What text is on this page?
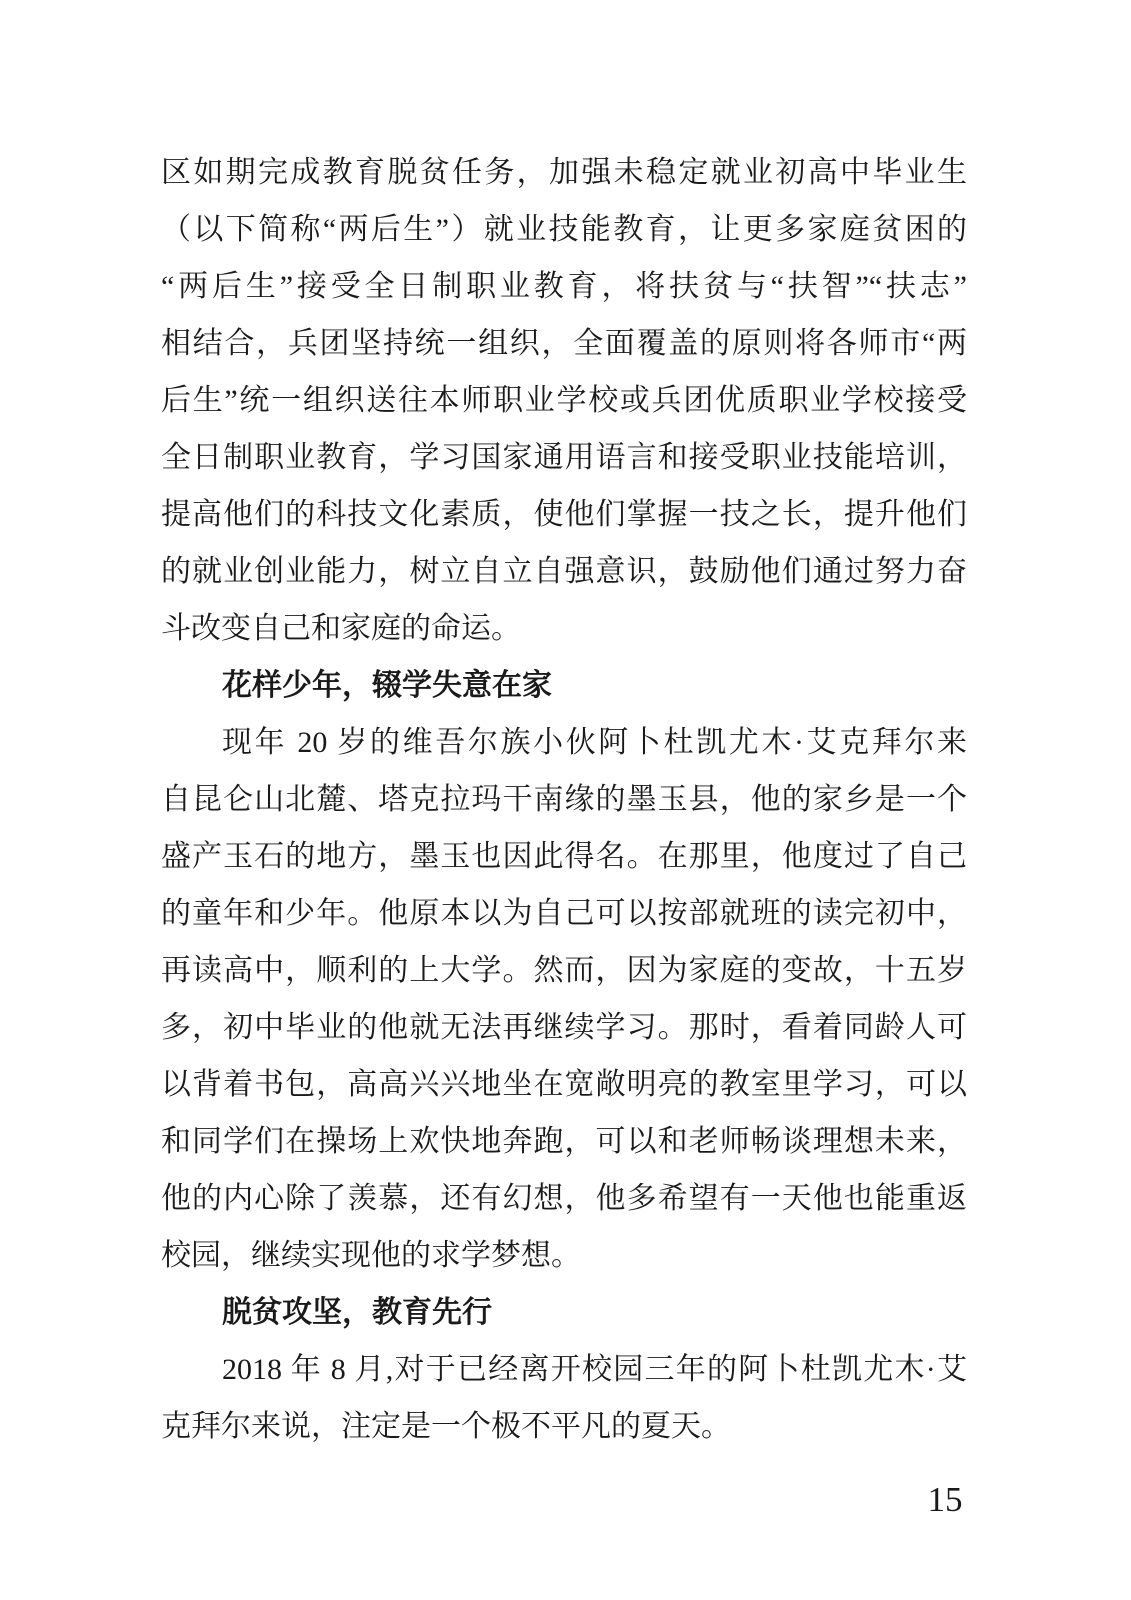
区如期完成教育脱贫任务，加强未稳定就业初高中毕业生
（以下简称“两后生”）就业技能教育，让更多家庭贫困的
“两后生”接受全日制职业教育，将扶贫与“扶智”“扶志”
相结合，兵团坚持统一组织，全面覆盖的原则将各师市“两
后生”统一组织送往本师职业学校或兵团优质职业学校接受
全日制职业教育，学习国家通用语言和接受职业技能培训，
提高他们的科技文化素质，使他们掌握一技之长，提升他们
的就业创业能力，树立自立自强意识，鼓励他们通过努力奋
斗改变自己和家庭的命运。
花样少年，辍学失意在家
现年 20 岁的维吾尔族小伙阿卜杜凯尤木·艾克拜尔来
自昆仑山北麓、塔克拉玛干南缘的墨玉县，他的家乡是一个
盛产玉石的地方，墨玉也因此得名。在那里，他度过了自己
的童年和少年。他原本以为自己可以按部就班的读完初中，
再读高中，顺利的上大学。然而，因为家庭的变故，十五岁
多，初中毕业的他就无法再继续学习。那时，看着同龄人可
以背着书包，高高兴兴地坐在宽敞明亮的教室里学习，可以
和同学们在操场上欢快地奔跑，可以和老师畅谈理想未来，
他的内心除了羡慕，还有幻想，他多希望有一天他也能重返
校园，继续实现他的求学梦想。
脱贫攻坚，教育先行
2018 年 8 月,对于已经离开校园三年的阿卜杜凯尤木·艾
克拜尔来说，注定是一个极不平凡的夏天。
15
